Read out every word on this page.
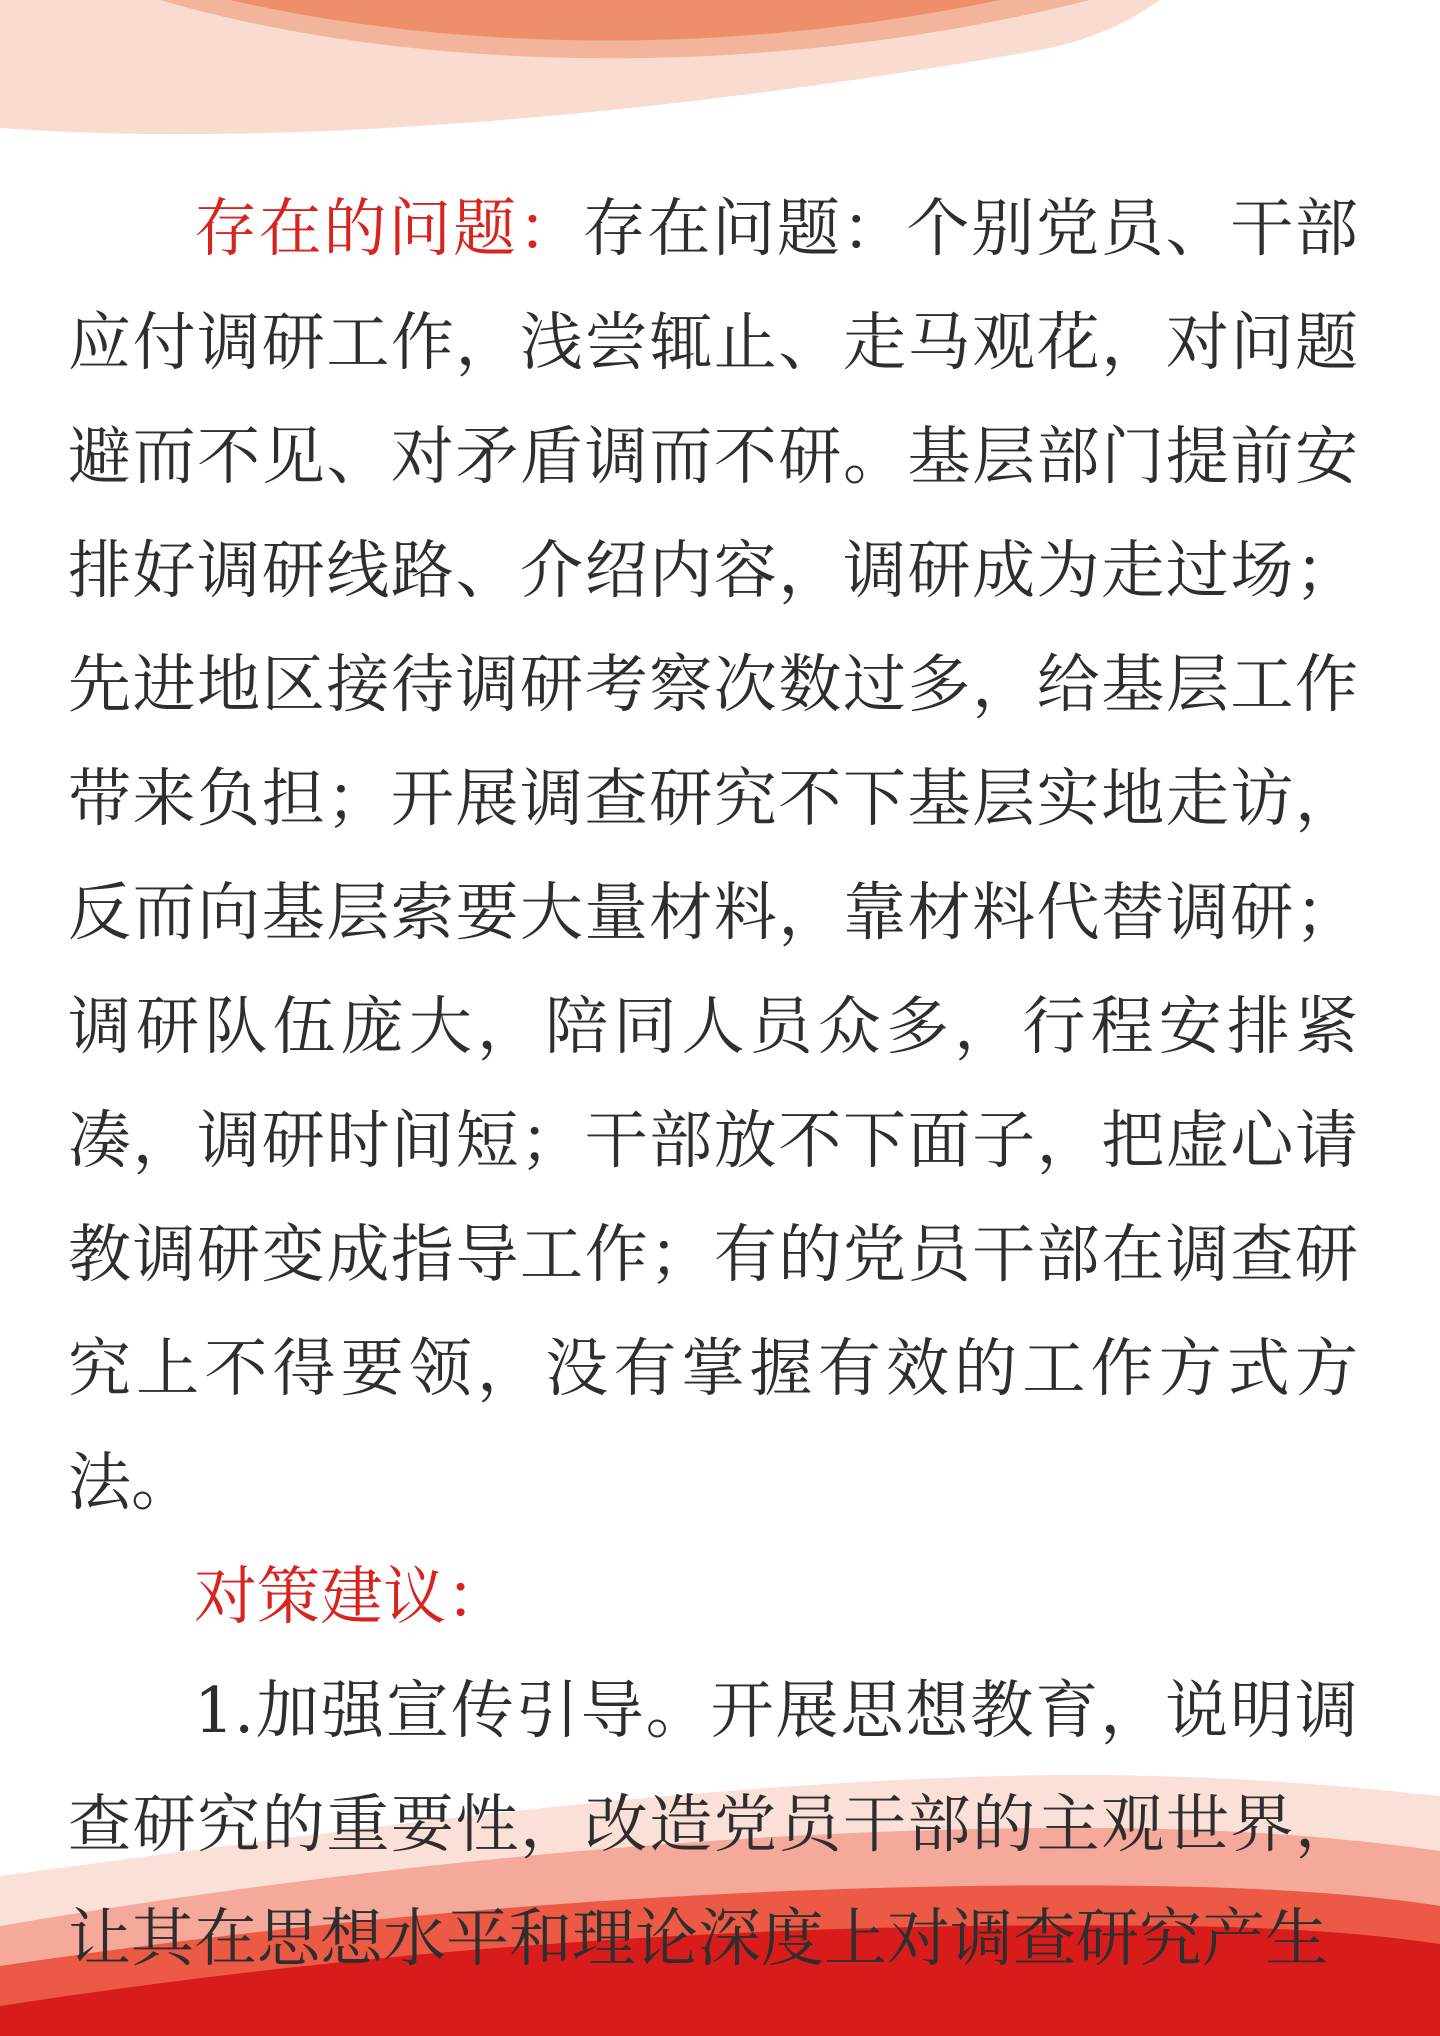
存在的问题：存在问题：个别党员、干部应付调研工作，浅尝辄止、走马观花，对问题避而不见、对矛盾调而不研。基层部门提前安排好调研线路、介绍内容，调研成为走过场；先进地区接待调研考察次数过多，给基层工作带来负担；开展调查研究不下基层实地走访，反而向基层索要大量材料，靠材料代替调研；调研队伍庞大，陪同人员众多，行程安排紧凑，调研时间短；干部放不下面子，把虚心请教调研变成指导工作；有的党员干部在调查研究上不得要领，没有掌握有效的工作方式方法。

对策建议：

1.加强宣传引导。开展思想教育，说明调查研究的重要性，改造党员干部的主观世界，让其在思想水平和理论深度上对调查研究产生
